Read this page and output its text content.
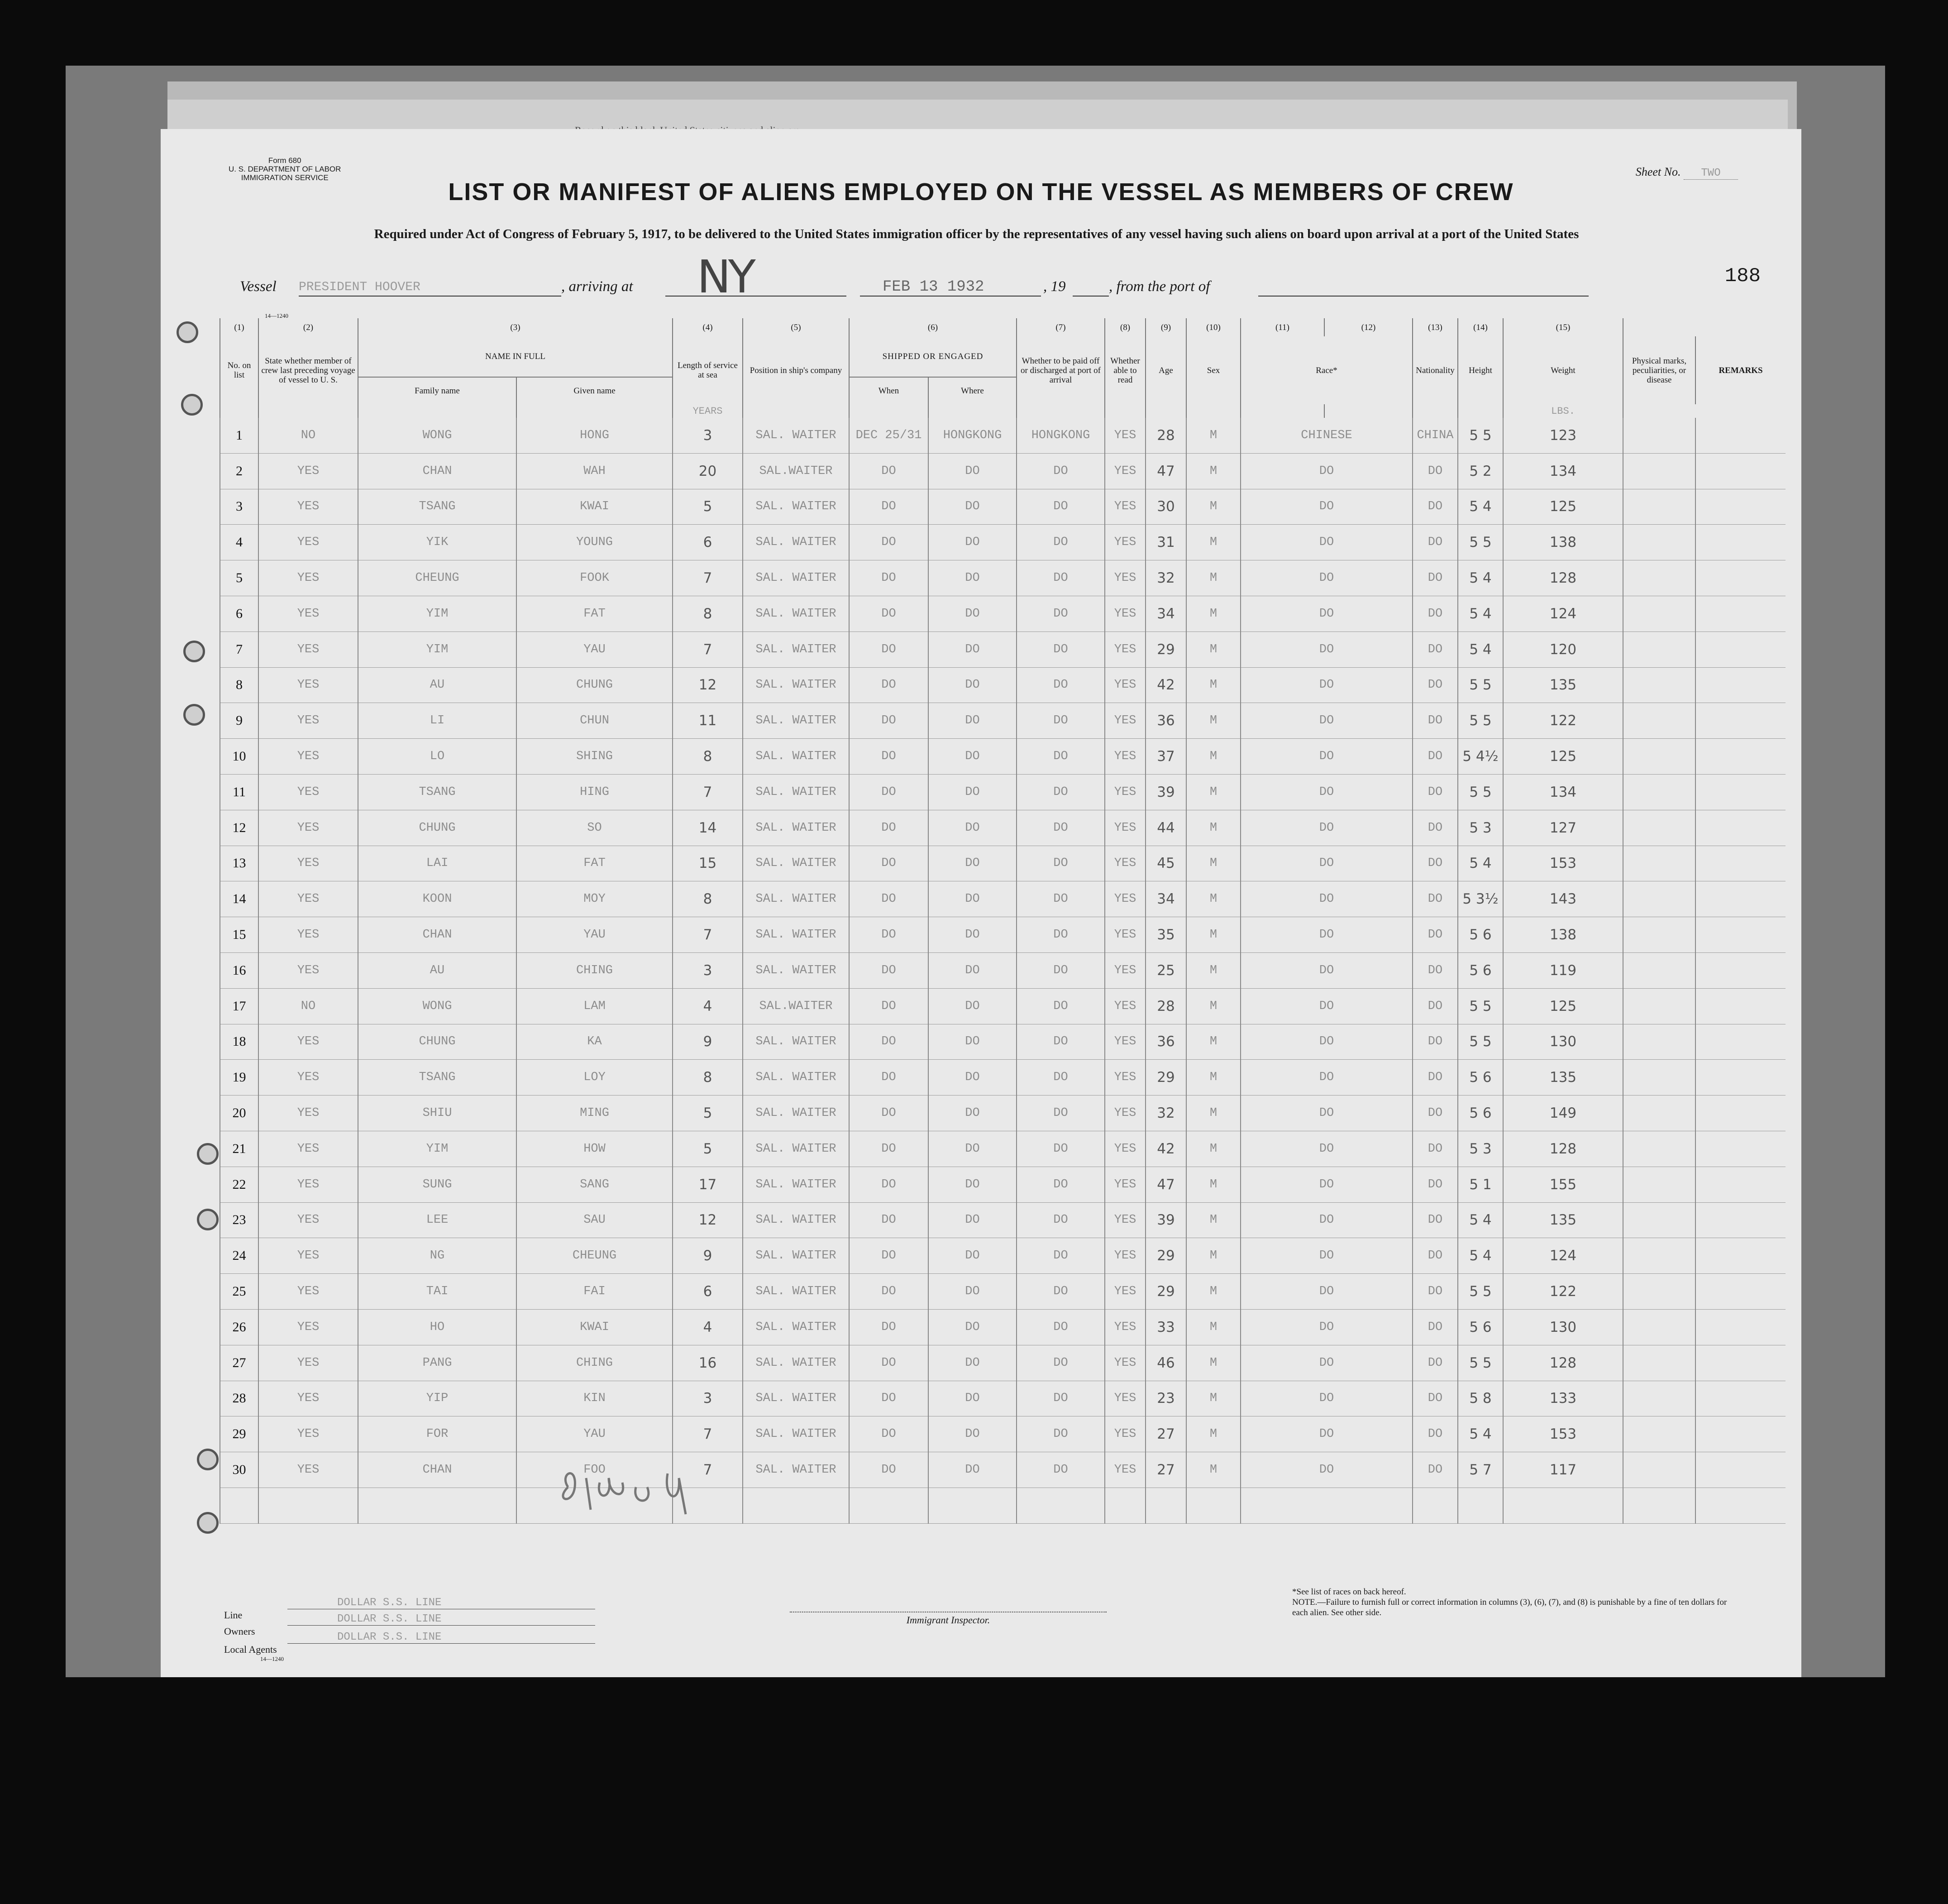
Form 680
U. S. DEPARTMENT OF LABOR
IMMIGRATION SERVICE	Sheet No. TWO
LIST OR MANIFEST OF ALIENS EMPLOYED ON THE VESSEL AS MEMBERS OF CREW
Required under Act of Congress of February 5, 1917, to be delivered to the United States immigration officer by the representatives of any vessel having such aliens on board upon arrival at a port of the United States
188
Vessel PRESIDENT HOOVER	, arriving at NY	FEB 13 1932	, 19	, from the port of
14—1240
(1)	(2)	(3)		(4)	(5)	(6)		(7)	(8)	(9)	(10)	(11)	(12)	(13)	(14)	(15)		
No. on list	State whether member of crew last preceding voyage of vessel to U. S.	NAME IN FULL		Length of service at sea	Position in ship's company	SHIPPED OR ENGAGED		Whether to be paid off or discharged at port of arrival	Whether able to read	Age	Sex	Race*		Nationality	Height	Weight	Physical marks, peculiarities, or disease	REMARKS
		Family name	Given name			When	Where											
				YEARS												LBS.		
1	NO	WONG	HONG	3	SAL. WAITER	DEC 25/31	HONGKONG	HONGKONG	YES	28	M	CHINESE		CHINA	5 5	123		
2	YES	CHAN	WAH	20	SAL.WAITER	DO	DO	DO	YES	47	M	DO		DO	5 2	134		
3	YES	TSANG	KWAI	5	SAL. WAITER	DO	DO	DO	YES	30	M	DO		DO	5 4	125		
4	YES	YIK	YOUNG	6	SAL. WAITER	DO	DO	DO	YES	31	M	DO		DO	5 5	138		
5	YES	CHEUNG	FOOK	7	SAL. WAITER	DO	DO	DO	YES	32	M	DO		DO	5 4	128		
6	YES	YIM	FAT	8	SAL. WAITER	DO	DO	DO	YES	34	M	DO		DO	5 4	124		
7	YES	YIM	YAU	7	SAL. WAITER	DO	DO	DO	YES	29	M	DO		DO	5 4	120		
8	YES	AU	CHUNG	12	SAL. WAITER	DO	DO	DO	YES	42	M	DO		DO	5 5	135		
9	YES	LI	CHUN	11	SAL. WAITER	DO	DO	DO	YES	36	M	DO		DO	5 5	122		
10	YES	LO	SHING	8	SAL. WAITER	DO	DO	DO	YES	37	M	DO		DO	5 4½	125		
11	YES	TSANG	HING	7	SAL. WAITER	DO	DO	DO	YES	39	M	DO		DO	5 5	134		
12	YES	CHUNG	SO	14	SAL. WAITER	DO	DO	DO	YES	44	M	DO		DO	5 3	127		
13	YES	LAI	FAT	15	SAL. WAITER	DO	DO	DO	YES	45	M	DO		DO	5 4	153		
14	YES	KOON	MOY	8	SAL. WAITER	DO	DO	DO	YES	34	M	DO		DO	5 3½	143		
15	YES	CHAN	YAU	7	SAL. WAITER	DO	DO	DO	YES	35	M	DO		DO	5 6	138		
16	YES	AU	CHING	3	SAL. WAITER	DO	DO	DO	YES	25	M	DO		DO	5 6	119		
17	NO	WONG	LAM	4	SAL.WAITER	DO	DO	DO	YES	28	M	DO		DO	5 5	125		
18	YES	CHUNG	KA	9	SAL. WAITER	DO	DO	DO	YES	36	M	DO		DO	5 5	130		
19	YES	TSANG	LOY	8	SAL. WAITER	DO	DO	DO	YES	29	M	DO		DO	5 6	135		
20	YES	SHIU	MING	5	SAL. WAITER	DO	DO	DO	YES	32	M	DO		DO	5 6	149		
21	YES	YIM	HOW	5	SAL. WAITER	DO	DO	DO	YES	42	M	DO		DO	5 3	128		
22	YES	SUNG	SANG	17	SAL. WAITER	DO	DO	DO	YES	47	M	DO		DO	5 1	155		
23	YES	LEE	SAU	12	SAL. WAITER	DO	DO	DO	YES	39	M	DO		DO	5 4	135		
24	YES	NG	CHEUNG	9	SAL. WAITER	DO	DO	DO	YES	29	M	DO		DO	5 4	124		
25	YES	TAI	FAI	6	SAL. WAITER	DO	DO	DO	YES	29	M	DO		DO	5 5	122		
26	YES	HO	KWAI	4	SAL. WAITER	DO	DO	DO	YES	33	M	DO		DO	5 6	130		
27	YES	PANG	CHING	16	SAL. WAITER	DO	DO	DO	YES	46	M	DO		DO	5 5	128		
28	YES	YIP	KIN	3	SAL. WAITER	DO	DO	DO	YES	23	M	DO		DO	5 8	133		
29	YES	FOR	YAU	7	SAL. WAITER	DO	DO	DO	YES	27	M	DO		DO	5 4	153		
30	YES	CHAN	FOO	7	SAL. WAITER	DO	DO	DO	YES	27	M	DO		DO	5 7	117		

Line
DOLLAR S.S. LINE
Owners
DOLLAR S.S. LINE
Local Agents
DOLLAR S.S. LINE
14—1240
Immigrant Inspector.
*See list of races on back hereof.
NOTE.—Failure to furnish full or correct information in columns (3), (6), (7), and (8) is punishable by a fine of ten dollars for each alien. See other side.
